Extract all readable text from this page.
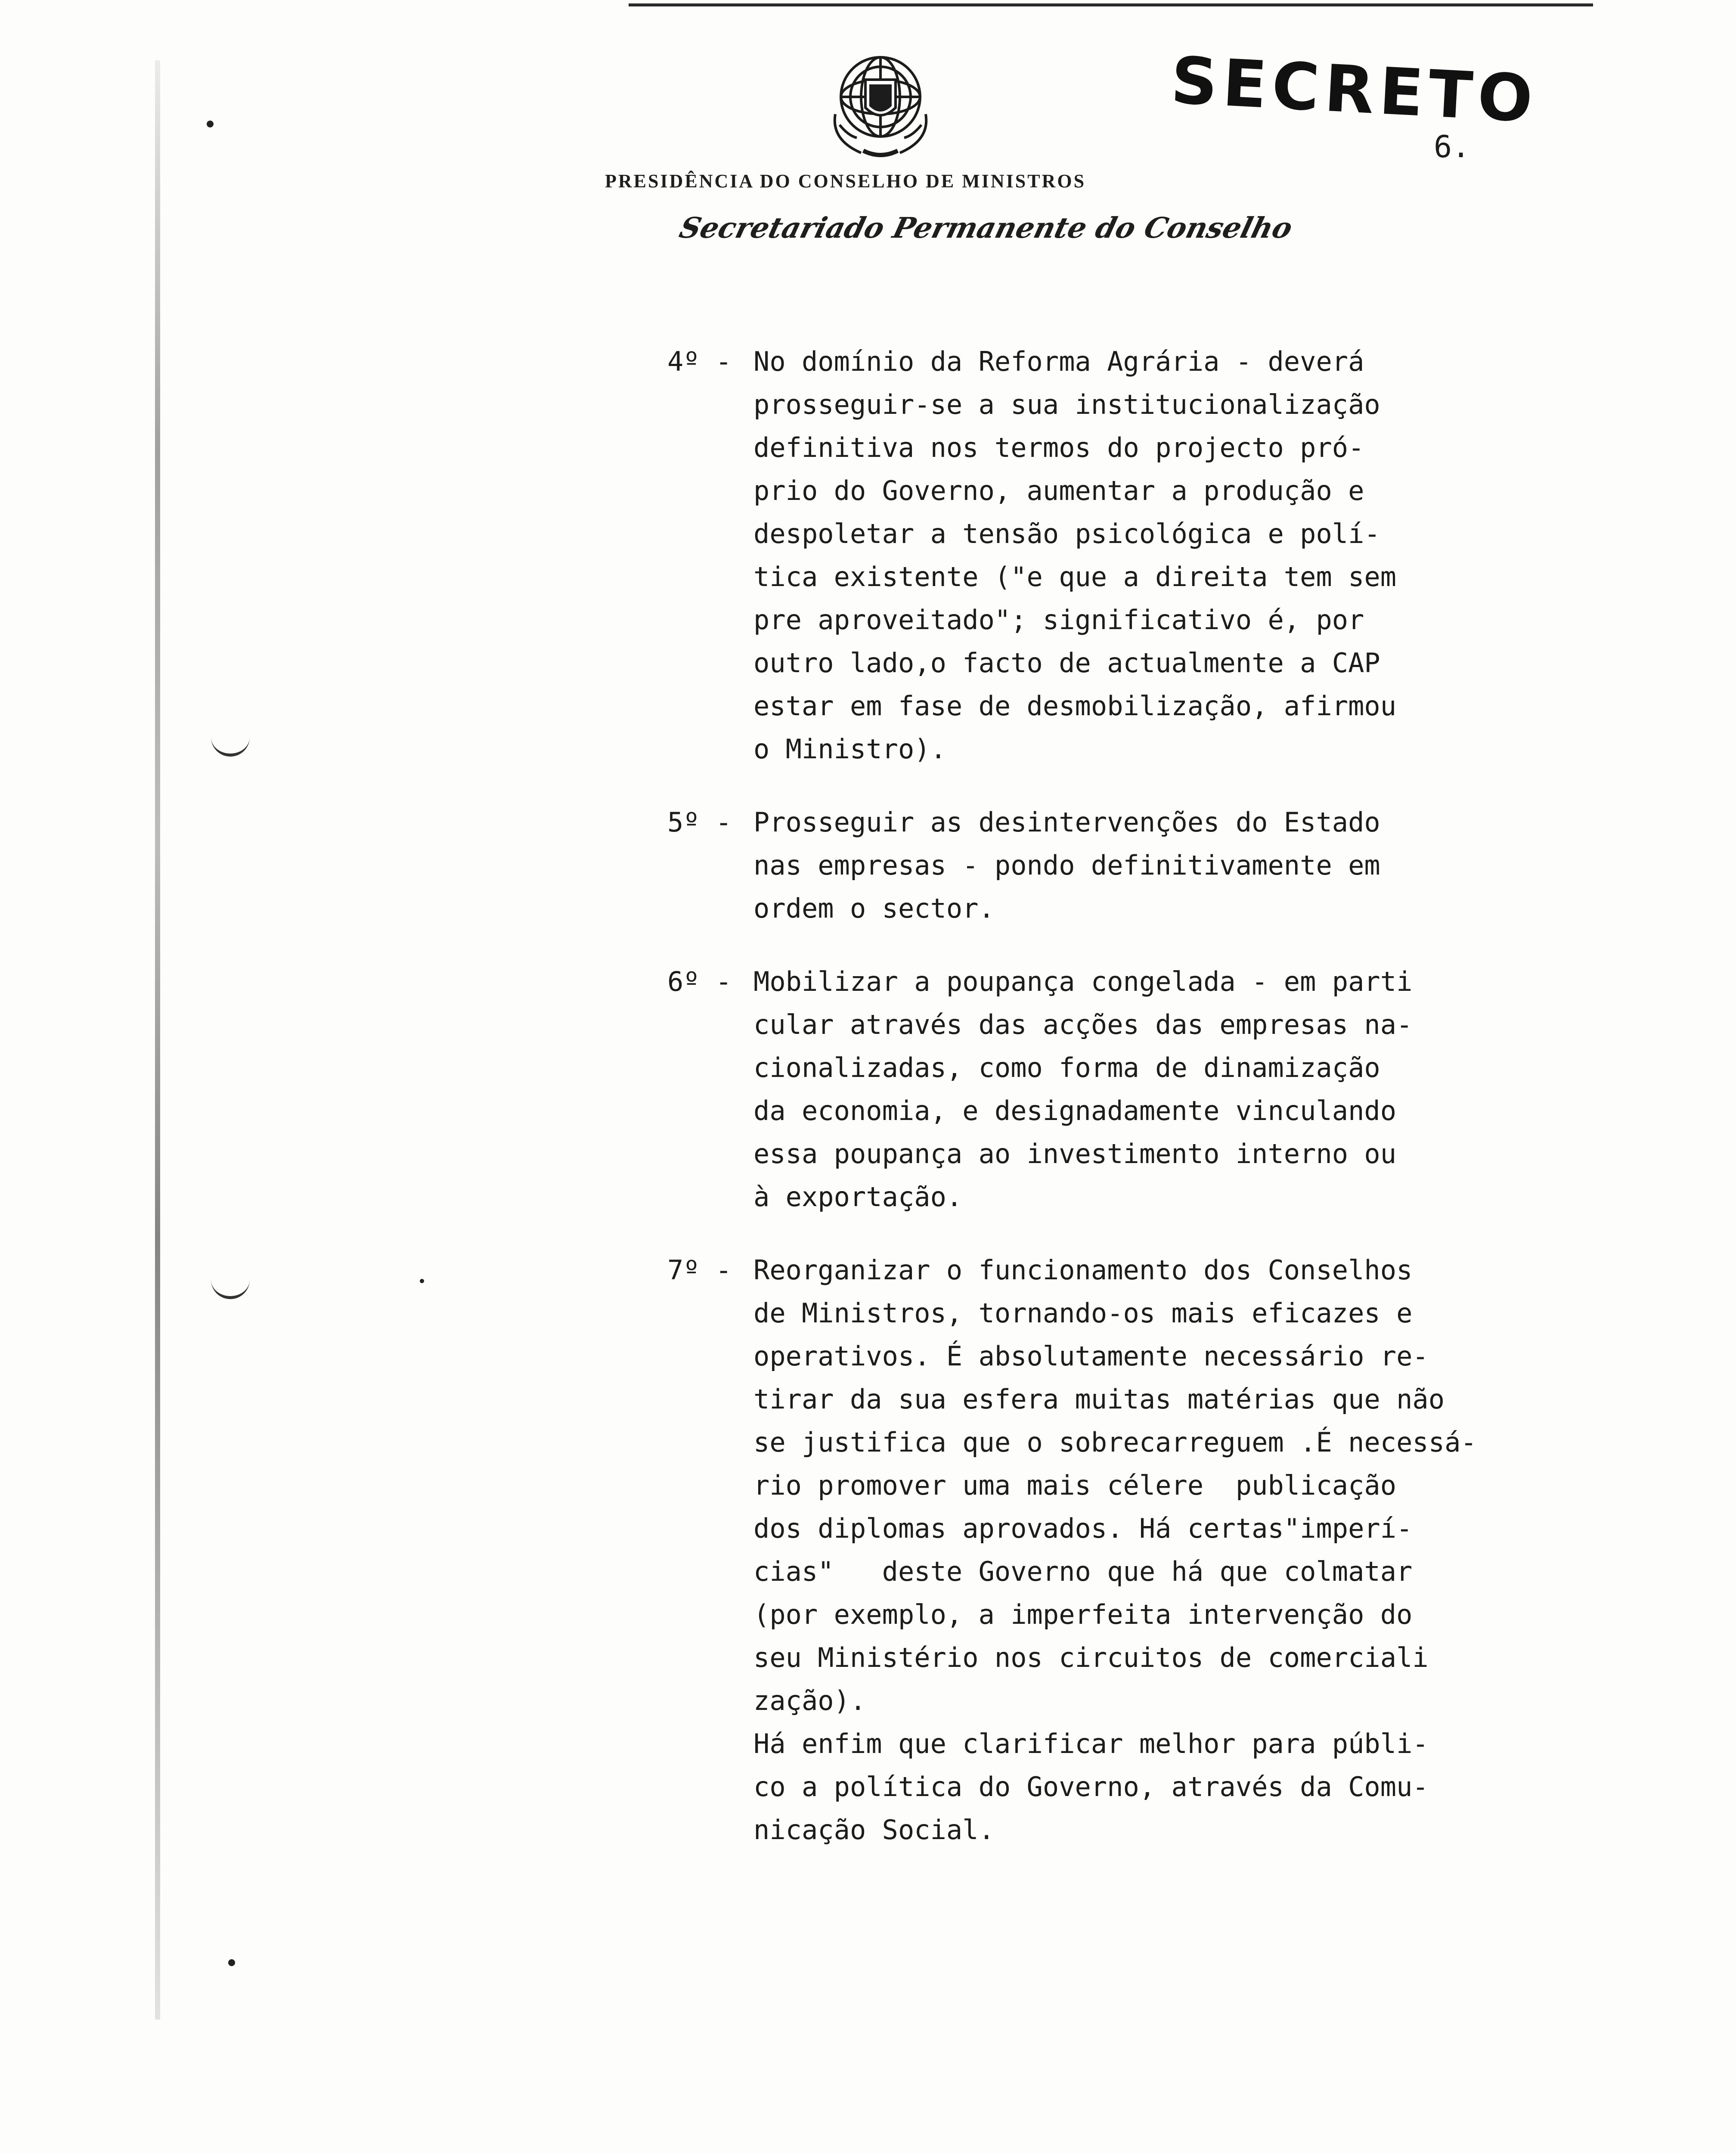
SECRETO
6.
PRESIDÊNCIA DO CONSELHO DE MINISTROS
Secretariado Permanente do Conselho
4º - No domínio da Reforma Agrária - deverá
prosseguir-se a sua institucionalização
definitiva nos termos do projecto pró-
prio do Governo, aumentar a produção e
despoletar a tensão psicológica e polí-
tica existente ("e que a direita tem sem
pre aproveitado"; significativo é, por
outro lado,o facto de actualmente a CAP
estar em fase de desmobilização, afirmou
o Ministro).
5º - Prosseguir as desintervenções do Estado
nas empresas - pondo definitivamente em
ordem o sector.
6º - Mobilizar a poupança congelada - em parti
cular através das acções das empresas na-
cionalizadas, como forma de dinamização
da economia, e designadamente vinculando
essa poupança ao investimento interno ou
à exportação.
7º - Reorganizar o funcionamento dos Conselhos
de Ministros, tornando-os mais eficazes e
operativos. É absolutamente necessário re-
tirar da sua esfera muitas matérias que não
se justifica que o sobrecarreguem .É necessá-
rio promover uma mais célere  publicação
dos diplomas aprovados. Há certas"imperí-
cias"   deste Governo que há que colmatar
(por exemplo, a imperfeita intervenção do
seu Ministério nos circuitos de comerciali
zação).
Há enfim que clarificar melhor para públi-
co a política do Governo, através da Comu-
nicação Social.
